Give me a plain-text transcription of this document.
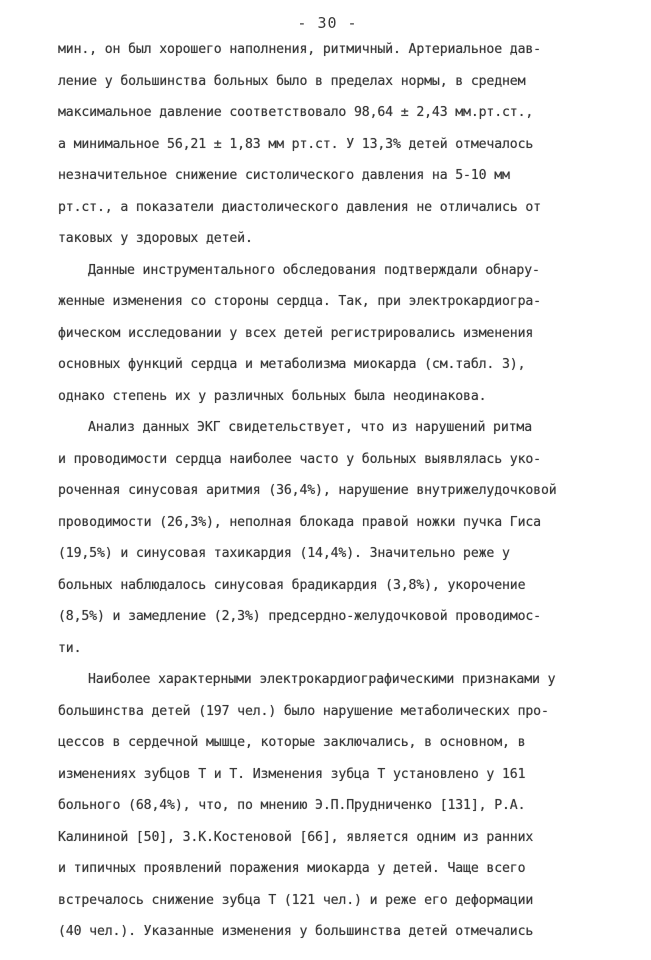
- 30 -
мин., он был хорошего наполнения, ритмичный. Артериальное дав-
ление у большинства больных было в пределах нормы, в среднем
максимальное давление соответствовало 98,64 ± 2,43 мм.рт.ст.,
а минимальное 56,21 ± 1,83 мм рт.ст. У 13,3% детей отмечалось
незначительное снижение систолического давления на 5-10 мм
рт.ст., а показатели диастолического давления не отличались от
таковых у здоровых детей.
Данные инструментального обследования подтверждали обнару-
женные изменения со стороны сердца. Так, при электрокардиогра-
фическом исследовании у всех детей регистрировались изменения
основных функций сердца и метаболизма миокарда (см.табл. 3),
однако степень их у различных больных была неодинакова.
Анализ данных ЭКГ свидетельствует, что из нарушений ритма
и проводимости сердца наиболее часто у больных выявлялась уко-
роченная синусовая аритмия (36,4%), нарушение внутрижелудочковой
проводимости (26,3%), неполная блокада правой ножки пучка Гиса
(19,5%) и синусовая тахикардия (14,4%). Значительно реже у
больных наблюдалось синусовая брадикардия (3,8%), укорочение
(8,5%) и замедление (2,3%) предсердно-желудочковой проводимос-
ти.
Наиболее характерными электрокардиографическими признаками у
большинства детей (197 чел.) было нарушение метаболических про-
цессов в сердечной мышце, которые заключались, в основном, в
изменениях зубцов Т и Т. Изменения зубца Т установлено у 161
больного (68,4%), что, по мнению Э.П.Прудниченко [131], Р.А.
Калининой [50], З.К.Костеновой [66], является одним из ранних
и типичных проявлений поражения миокарда у детей. Чаще всего
встречалось снижение зубца Т (121 чел.) и реже его деформации
(40 чел.). Указанные изменения у большинства детей отмечались
